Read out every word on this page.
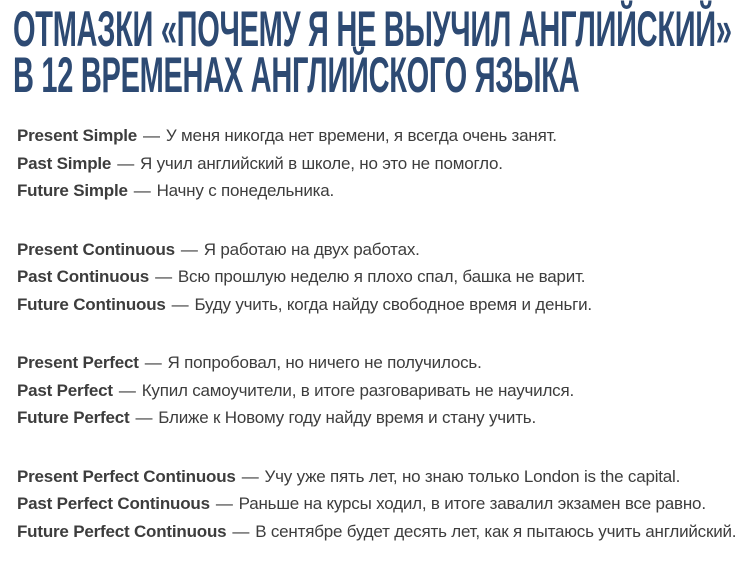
ОТМАЗКИ «ПОЧЕМУ Я НЕ ВЫУЧИЛ АНГЛИЙСКИЙ»
В 12 ВРЕМЕНАХ АНГЛИЙСКОГО ЯЗЫКА

Present Simple — У меня никогда нет времени, я всегда очень занят.

Past Simple — Я учил английский в школе, но это не помогло.

Future Simple — Начну с понедельника.

Present Continuous — Я работаю на двух работах.

Past Continuous — Всю прошлую неделю я плохо спал, башка не варит.

Future Continuous — Буду учить, когда найду свободное время и деньги.

Present Perfect — Я попробовал, но ничего не получилось.

Past Perfect — Купил самоучители, в итоге разговаривать не научился.

Future Perfect — Ближе к Новому году найду время и стану учить.

Present Perfect Continuous — Учу уже пять лет, но знаю только London is the capital.

Past Perfect Continuous — Раньше на курсы ходил, в итоге завалил экзамен все равно.

Future Perfect Continuous — В сентябре будет десять лет, как я пытаюсь учить английский.
